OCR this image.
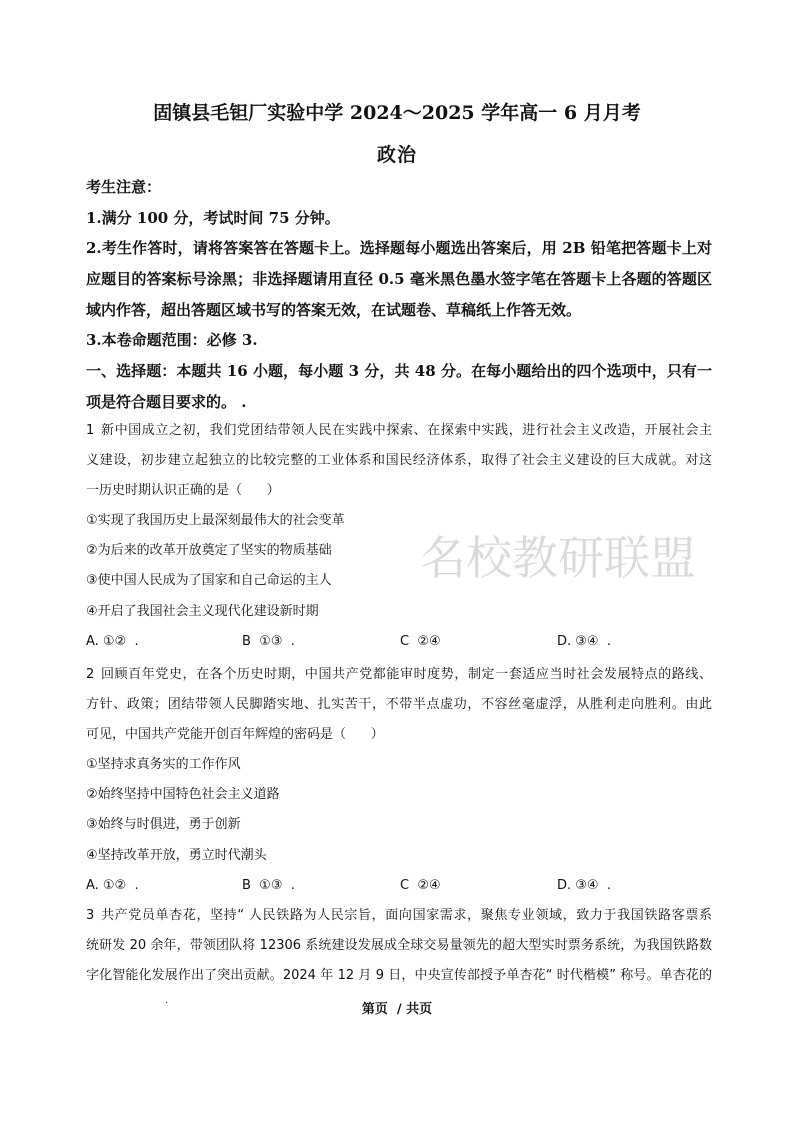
固镇县毛钽厂实验中学 2024～2025 学年高一 6 月月考
政治
考生注意：
1.满分 100 分，考试时间 75 分钟。
2.考生作答时，请将答案答在答题卡上。选择题每小题选出答案后，用 2B 铅笔把答题卡上对
应题目的答案标号涂黑；非选择题请用直径 0.5 毫米黑色墨水签字笔在答题卡上各题的答题区
域内作答，超出答题区域书写的答案无效，在试题卷、草稿纸上作答无效。
3.本卷命题范围：必修 3.
一、选择题：本题共 16 小题，每小题 3 分，共 48 分。在每小题给出的四个选项中，只有一
项是符合题目要求的。 .
名校教研联盟
1 新中国成立之初，我们党团结带领人民在实践中探索、在探索中实践，进行社会主义改造，开展社会主
义建设，初步建立起独立的比较完整的工业体系和国民经济体系，取得了社会主义建设的巨大成就。对这
一历史时期认识正确的是（      ）
①实现了我国历史上最深刻最伟大的社会变革
②为后来的改革开放奠定了坚实的物质基础
③使中国人民成为了国家和自己命运的主人
④开启了我国社会主义现代化建设新时期

A. ①②  .

	B  ①③  .

	C  ②④

	D. ③④  .

2 回顾百年党史，在各个历史时期，中国共产党都能审时度势，制定一套适应当时社会发展特点的路线、
方针、政策；团结带领人民脚踏实地、扎实苦干，不带半点虚功，不容丝毫虚浮，从胜利走向胜利。由此
可见，中国共产党能开创百年辉煌的密码是（      ）
①坚持求真务实的工作作风
②始终坚持中国特色社会主义道路
③始终与时俱进，勇于创新
④坚持改革开放，勇立时代潮头

A. ①②  .

	B  ①③  .

	C  ②④

	D. ③④  .

3 共产党员单杏花，坚持“ 人民铁路为人民宗旨，面向国家需求，聚焦专业领域，致力于我国铁路客票系
统研发 20 余年，带领团队将 12306 系统建设发展成全球交易量领先的超大型实时票务系统，为我国铁路数
字化智能化发展作出了突出贡献。2024 年 12 月 9 日，中央宣传部授予单杏花“ 时代楷模” 称号。单杏花的
.
第页  / 共页
